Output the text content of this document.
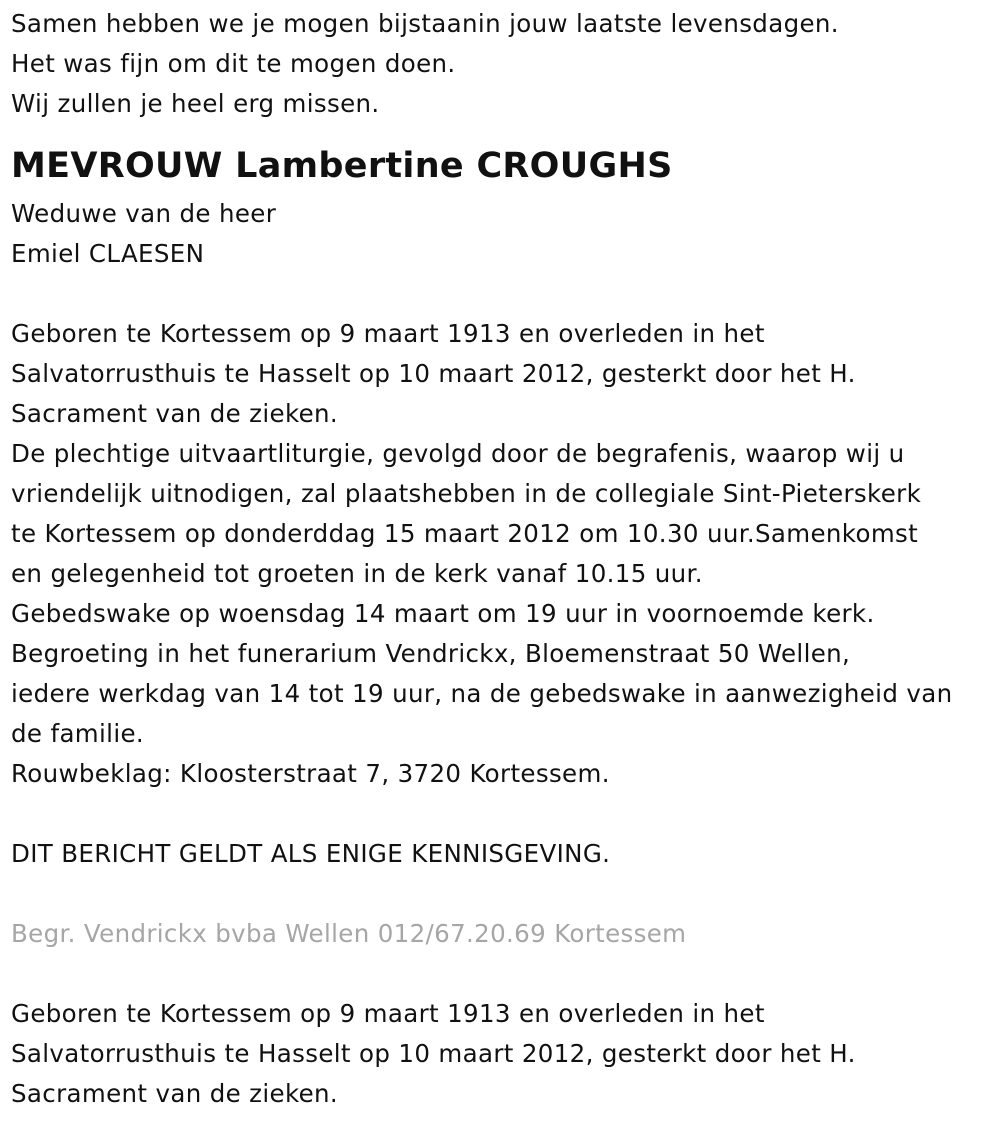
Samen hebben we je mogen bijstaanin jouw laatste levensdagen.
Het was fijn om dit te mogen doen.
Wij zullen je heel erg missen.
MEVROUW Lambertine CROUGHS
Weduwe van de heer
Emiel CLAESEN
Geboren te Kortessem op 9 maart 1913 en overleden in het
Salvatorrusthuis te Hasselt op 10 maart 2012, gesterkt door het H.
Sacrament van de zieken.
De plechtige uitvaartliturgie, gevolgd door de begrafenis, waarop wij u
vriendelijk uitnodigen, zal plaatshebben in de collegiale Sint-Pieterskerk
te Kortessem op donderddag 15 maart 2012 om 10.30 uur.Samenkomst
en gelegenheid tot groeten in de kerk vanaf 10.15 uur.
Gebedswake op woensdag 14 maart om 19 uur in voornoemde kerk.
Begroeting in het funerarium Vendrickx, Bloemenstraat 50 Wellen,
iedere werkdag van 14 tot 19 uur, na de gebedswake in aanwezigheid van
de familie.
Rouwbeklag: Kloosterstraat 7, 3720 Kortessem.
DIT BERICHT GELDT ALS ENIGE KENNISGEVING.
Begr. Vendrickx bvba Wellen 012/67.20.69 Kortessem
Geboren te Kortessem op 9 maart 1913 en overleden in het
Salvatorrusthuis te Hasselt op 10 maart 2012, gesterkt door het H.
Sacrament van de zieken.
